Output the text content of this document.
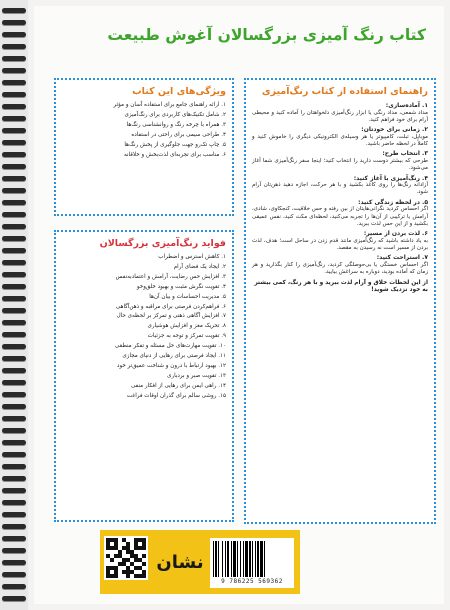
کتاب رنگ آمیزی بزرگسالان آغوش طبیعت
راهنمای استفاده از کتاب رنگ‌آمیزی
۱. آماده‌سازی:
مداد شمعی، مداد رنگی یا ابزار رنگ‌آمیزی دلخواهتان را آماده کنید و محیطی آرام برای خود فراهم کنید.
۲. زمانی برای خودتان:
موبایل، تبلت، کامپیوتر یا هر وسیله‌ی الکترونیکی دیگری را خاموش کنید و کاملاً در لحظه حاضر باشید.
۳. انتخاب طرح:
طرحی که بیشتر دوست دارید را انتخاب کنید؛ اینجا سفر رنگ‌آمیزی شما آغاز می‌شود.
۴. رنگ‌آمیزی با آغاز کنید:
آزادانه رنگ‌ها را روی کاغذ بکشید و با هر حرکت، اجازه دهید ذهن‌تان آرام شود.
۵. در لحظه زندگی کنید:
اگر احساس کردید نگرانی‌هایتان از بین رفته و حس خلاقیت، کنجکاوی، شادی، آرامش یا ترکیبی از آن‌ها را تجربه می‌کنید، لحظه‌ای مکث کنید، نفس عمیقی بکشید و از این حس لذت ببرید.
۶. لذت بردن از مسیر:
به یاد داشته باشید که رنگ‌آمیزی مانند قدم زدن در ساحل است؛ هدف، لذت بردن از مسیر است نه رسیدن به مقصد.
۷. استراحت کنید:
اگر احساس خستگی یا بی‌حوصلگی کردید، رنگ‌آمیزی را کنار بگذارید و هر زمان که آماده بودید، دوباره به سراغش بیایید.
از این لحظات خلاق و آرام لذت ببرید و با هر رنگ، کمی بیشتر به خود نزدیک شوید!
ویژگی‌های این کتاب
۱. ارائه راهنمای جامع برای استفاده آسان و مؤثر
۲. شامل تکنیک‌های کاربردی برای رنگ‌آمیزی
۳. همراه با چرخه رنگ و روانشناسی رنگ‌ها
۴. طراحی سیمی برای راحتی در استفاده
۵. چاپ تک‌رو جهت جلوگیری از پخش رنگ‌ها
۶. مناسب برای تجربه‌ای لذت‌بخش و خلاقانه
فواید رنگ‌آمیزی بزرگسالان
۱. کاهش استرس و اضطراب
۲. ایجاد یک فضای آرام
۳. افزایش حس رضایت، آرامش و اعتماد‌به‌نفس
۴. تقویت نگرش مثبت و بهبود خلق‌وخو
۵. مدیریت احساسات و بیان آن‌ها
۶. فراهم‌کردن فرصتی برای مراقبه و ذهن‌آگاهی
۷. افزایش آگاهی ذهنی و تمرکز بر لحظه‌ی حال
۸. تحریک مغز و افزایش هوشیاری
۹. تقویت تمرکز و توجه به جزئیات
۱۰. تقویت مهارت‌های حل مسئله و تفکر منطقی
۱۱. ایجاد فرصتی برای رهایی از دنیای مجازی
۱۲. بهبود ارتباط با درون و شناخت عمیق‌تر خود
۱۳. تقویت صبر و بردباری
۱۴. راهی ایمن برای رهایی از افکار منفی
۱۵. روشی سالم برای گذران اوقات فراغت
نشان
9 786225 569362
